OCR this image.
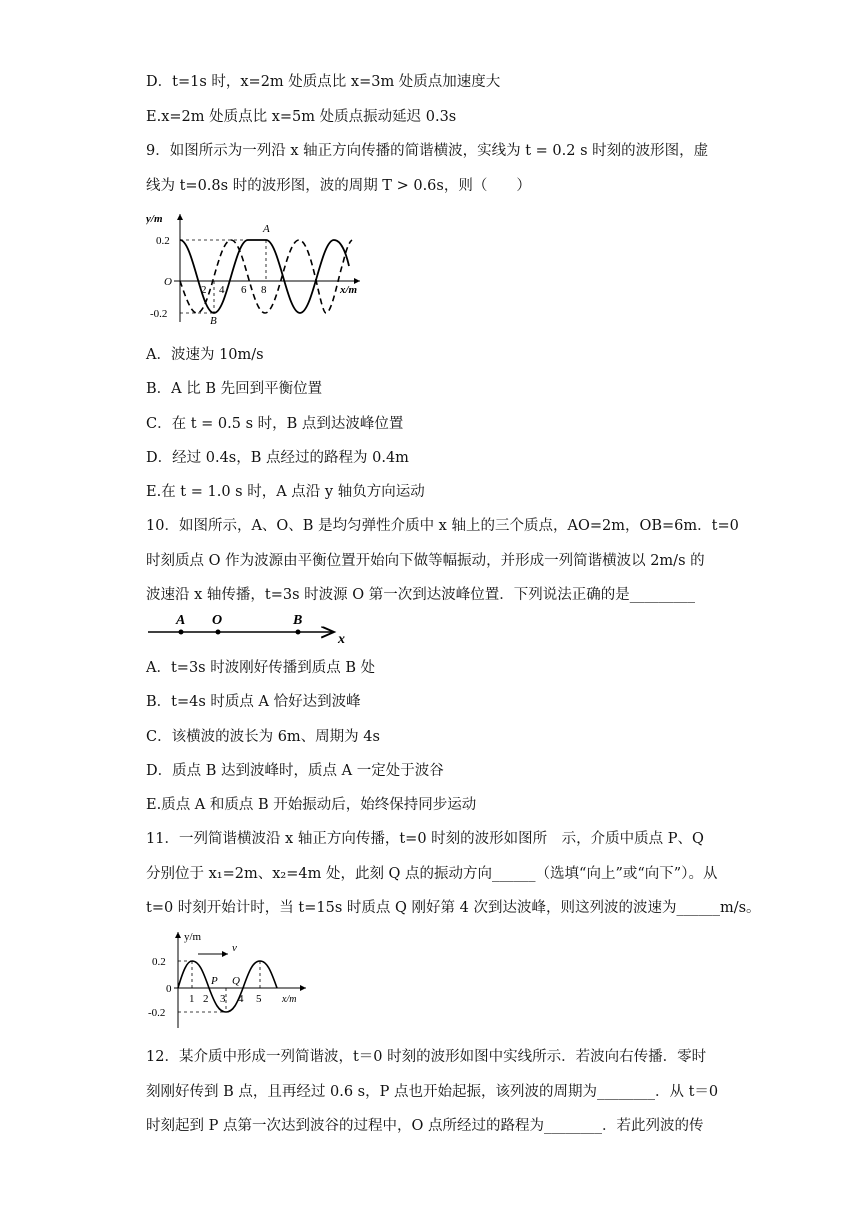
D．t=1s 时，x=2m 处质点比 x=3m 处质点加速度大
E.x=2m 处质点比 x=5m 处质点振动延迟 0.3s
9．如图所示为一列沿 x 轴正方向传播的简谐横波，实线为 t = 0.2 s 时刻的波形图，虚
线为 t=0.8s 时的波形图，波的周期 T > 0.6s，则（　　）
y/m
x/m
O
0.2
-0.2
2 4 6 8
A
B
A．波速为 10m/s
B．A 比 B 先回到平衡位置
C．在 t = 0.5 s 时，B 点到达波峰位置
D．经过 0.4s，B 点经过的路程为 0.4m
E.在 t = 1.0 s 时，A 点沿 y 轴负方向运动
10．如图所示，A、O、B 是均匀弹性介质中 x 轴上的三个质点，AO=2m，OB=6m．t=0
时刻质点 O 作为波源由平衡位置开始向下做等幅振动，并形成一列简谐横波以 2m/s 的
波速沿 x 轴传播，t=3s 时波源 O 第一次到达波峰位置．下列说法正确的是_________
A O	B
x
A．t=3s 时波刚好传播到质点 B 处
B．t=4s 时质点 A 恰好达到波峰
C．该横波的波长为 6m、周期为 4s
D．质点 B 达到波峰时，质点 A 一定处于波谷
E.质点 A 和质点 B 开始振动后，始终保持同步运动
11．一列简谐横波沿 x 轴正方向传播，t=0 时刻的波形如图所　示，介质中质点 P、Q
分别位于 x₁=2m、x₂=4m 处，此刻 Q 点的振动方向______（选填“向上”或“向下”）。从
t=0 时刻开始计时，当 t=15s 时质点 Q 刚好第 4 次到达波峰，则这列波的波速为______m/s。
v
y/m
x/m
0
0.2
-0.2
1 2 3 4 5
P Q
12．某介质中形成一列简谐波，t＝0 时刻的波形如图中实线所示．若波向右传播．零时
刻刚好传到 B 点，且再经过 0.6 s，P 点也开始起振，该列波的周期为________．从 t＝0
时刻起到 P 点第一次达到波谷的过程中，O 点所经过的路程为________．若此列波的传
